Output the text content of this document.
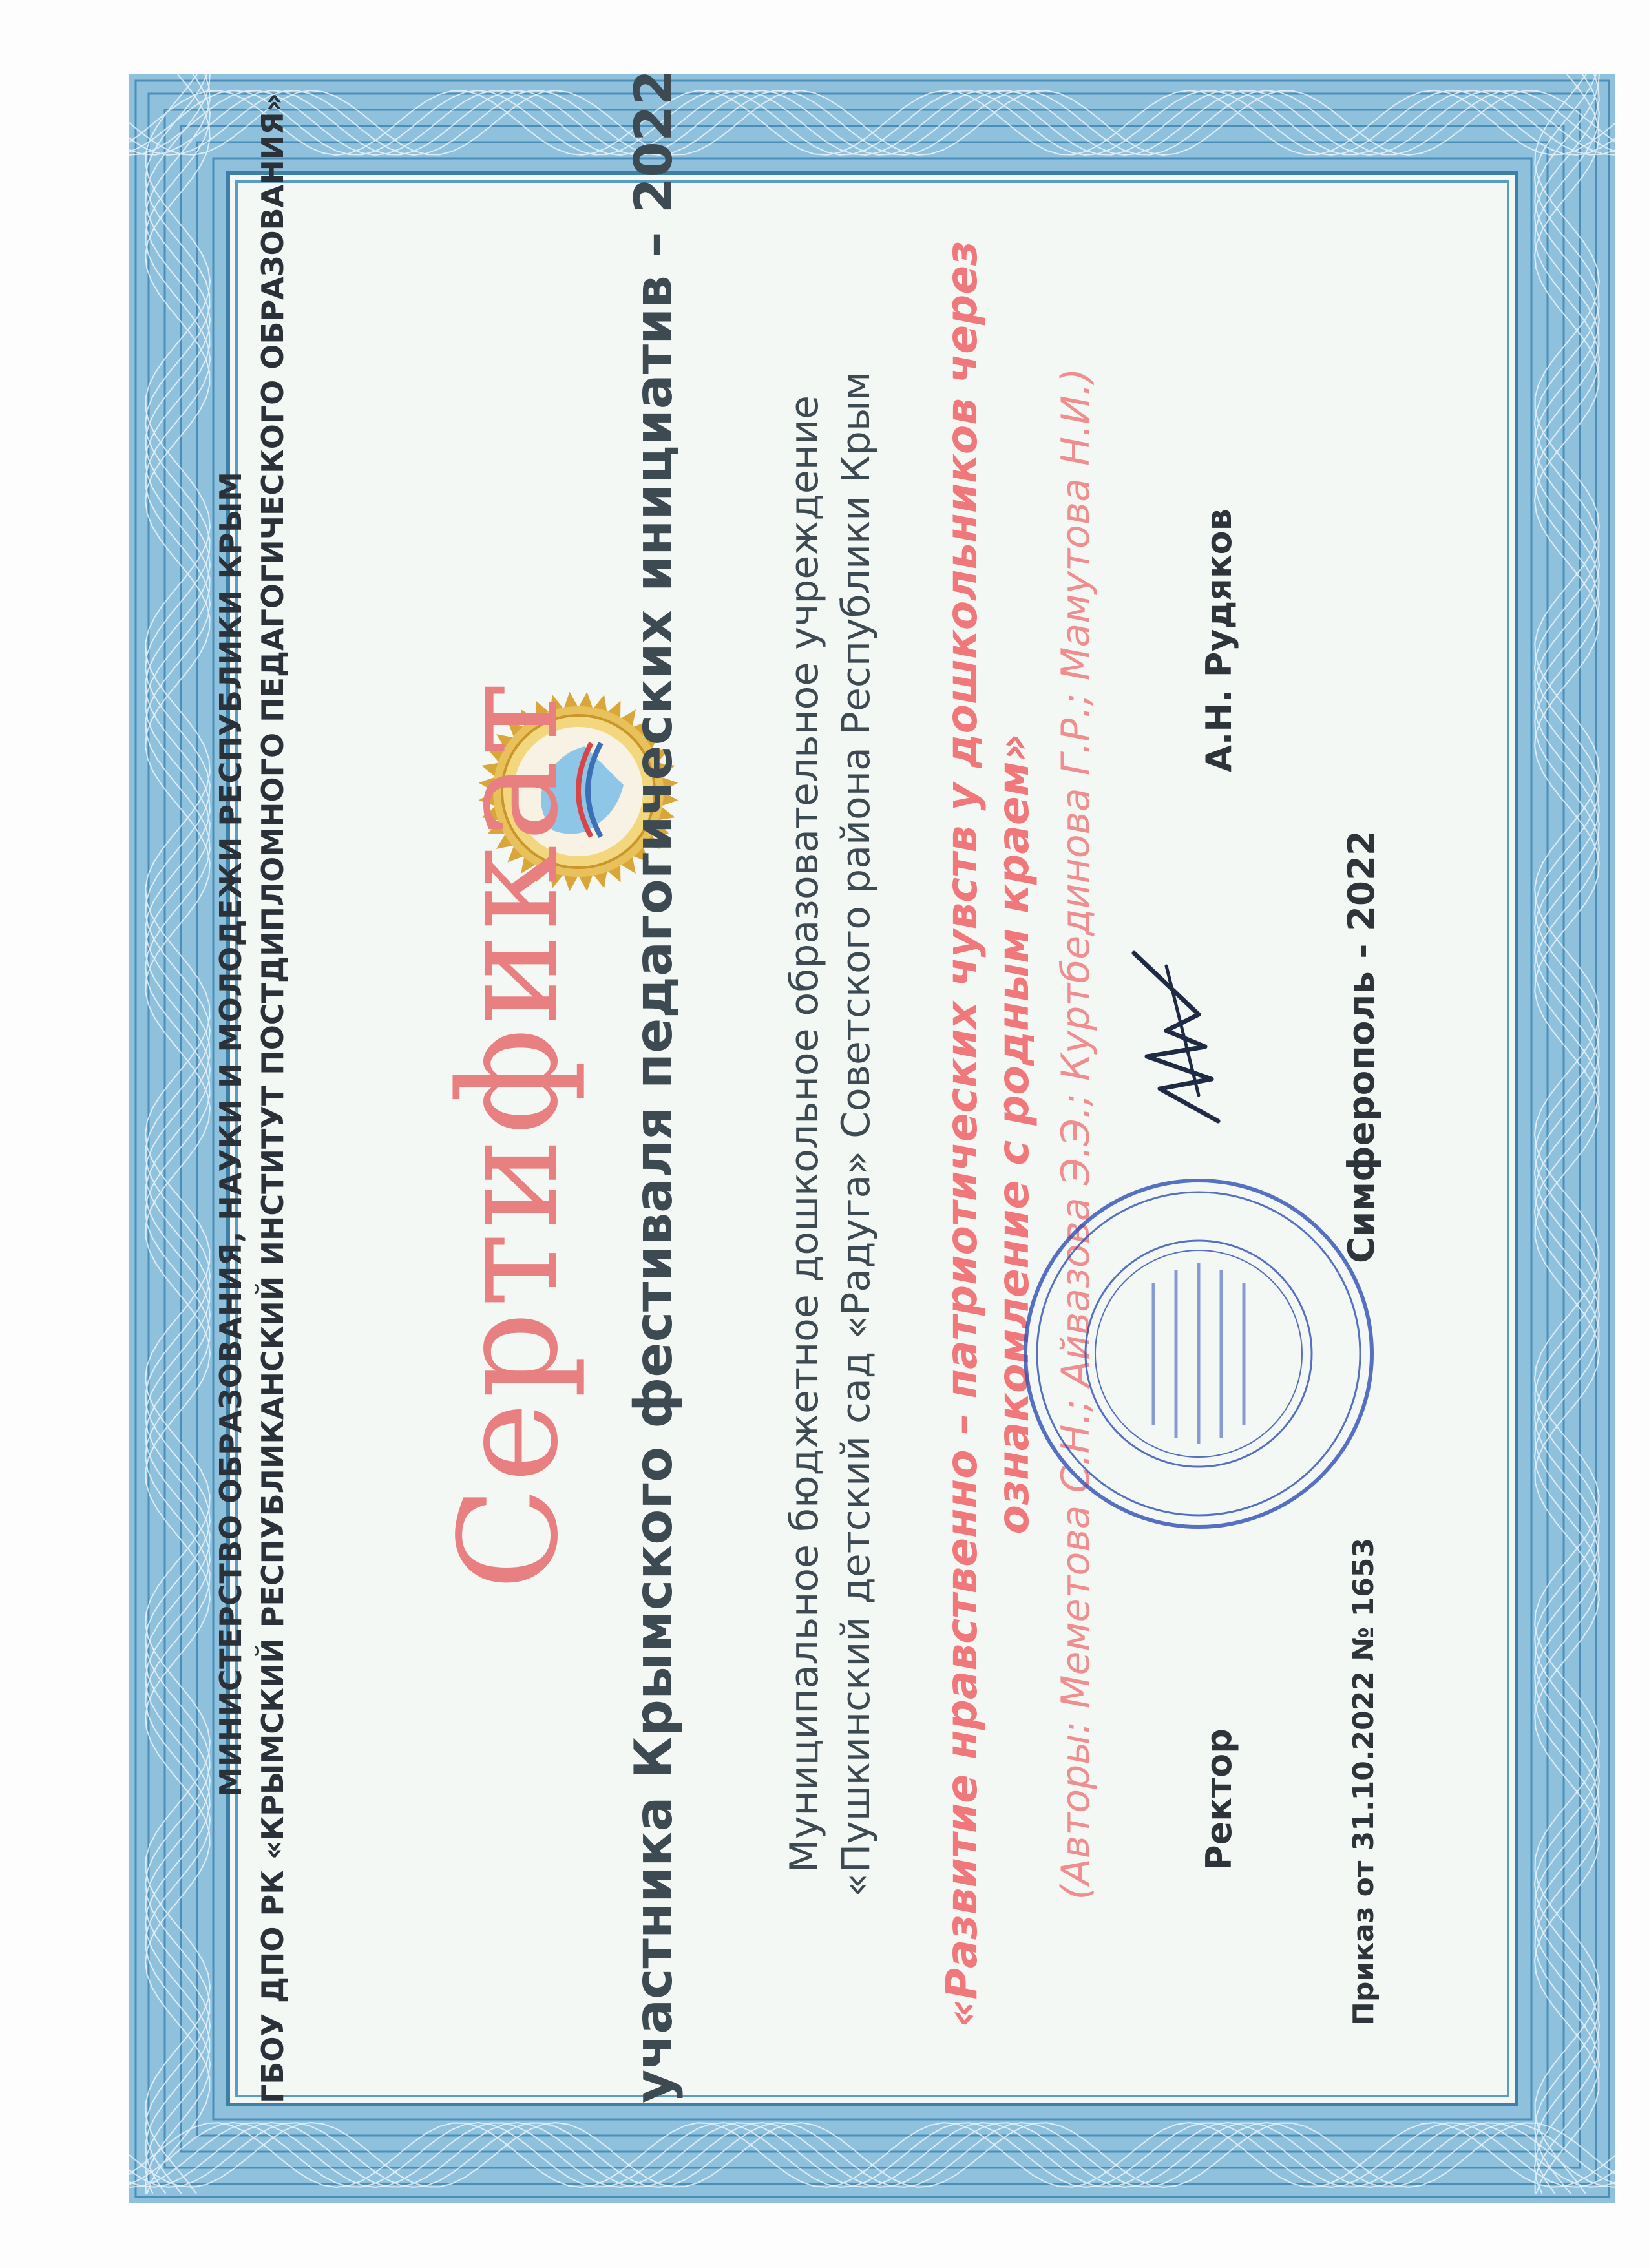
МИНИСТЕРСТВО ОБРАЗОВАНИЯ, НАУКИ И МОЛОДЕЖИ РЕСПУБЛИКИ КРЫМ ГБОУ ДПО РК «КРЫМСКИЙ РЕСПУБЛИКАНСКИЙ ИНСТИТУТ ПОСТДИПЛОМНОГО ПЕДАГОГИЧЕСКОГО ОБРАЗОВАНИЯ» Сертификат участника Крымского фестиваля педагогических инициатив – 2022	Муниципальное бюджетное дошкольное образовательное учреждение «Пушкинский детский сад «Радуга» Советского района Республики Крым «Развитие нравственно – патриотических чувств у дошкольников через ознакомление с родным краем» (Авторы: Меметова С.Н.; Айвазова Э.Э.; Куртбединова Г.Р.; Мамутова Н.И.)	Ректор
А.Н. Рудяков
Приказ от 31.10.2022 № 1653
Симферополь - 2022
